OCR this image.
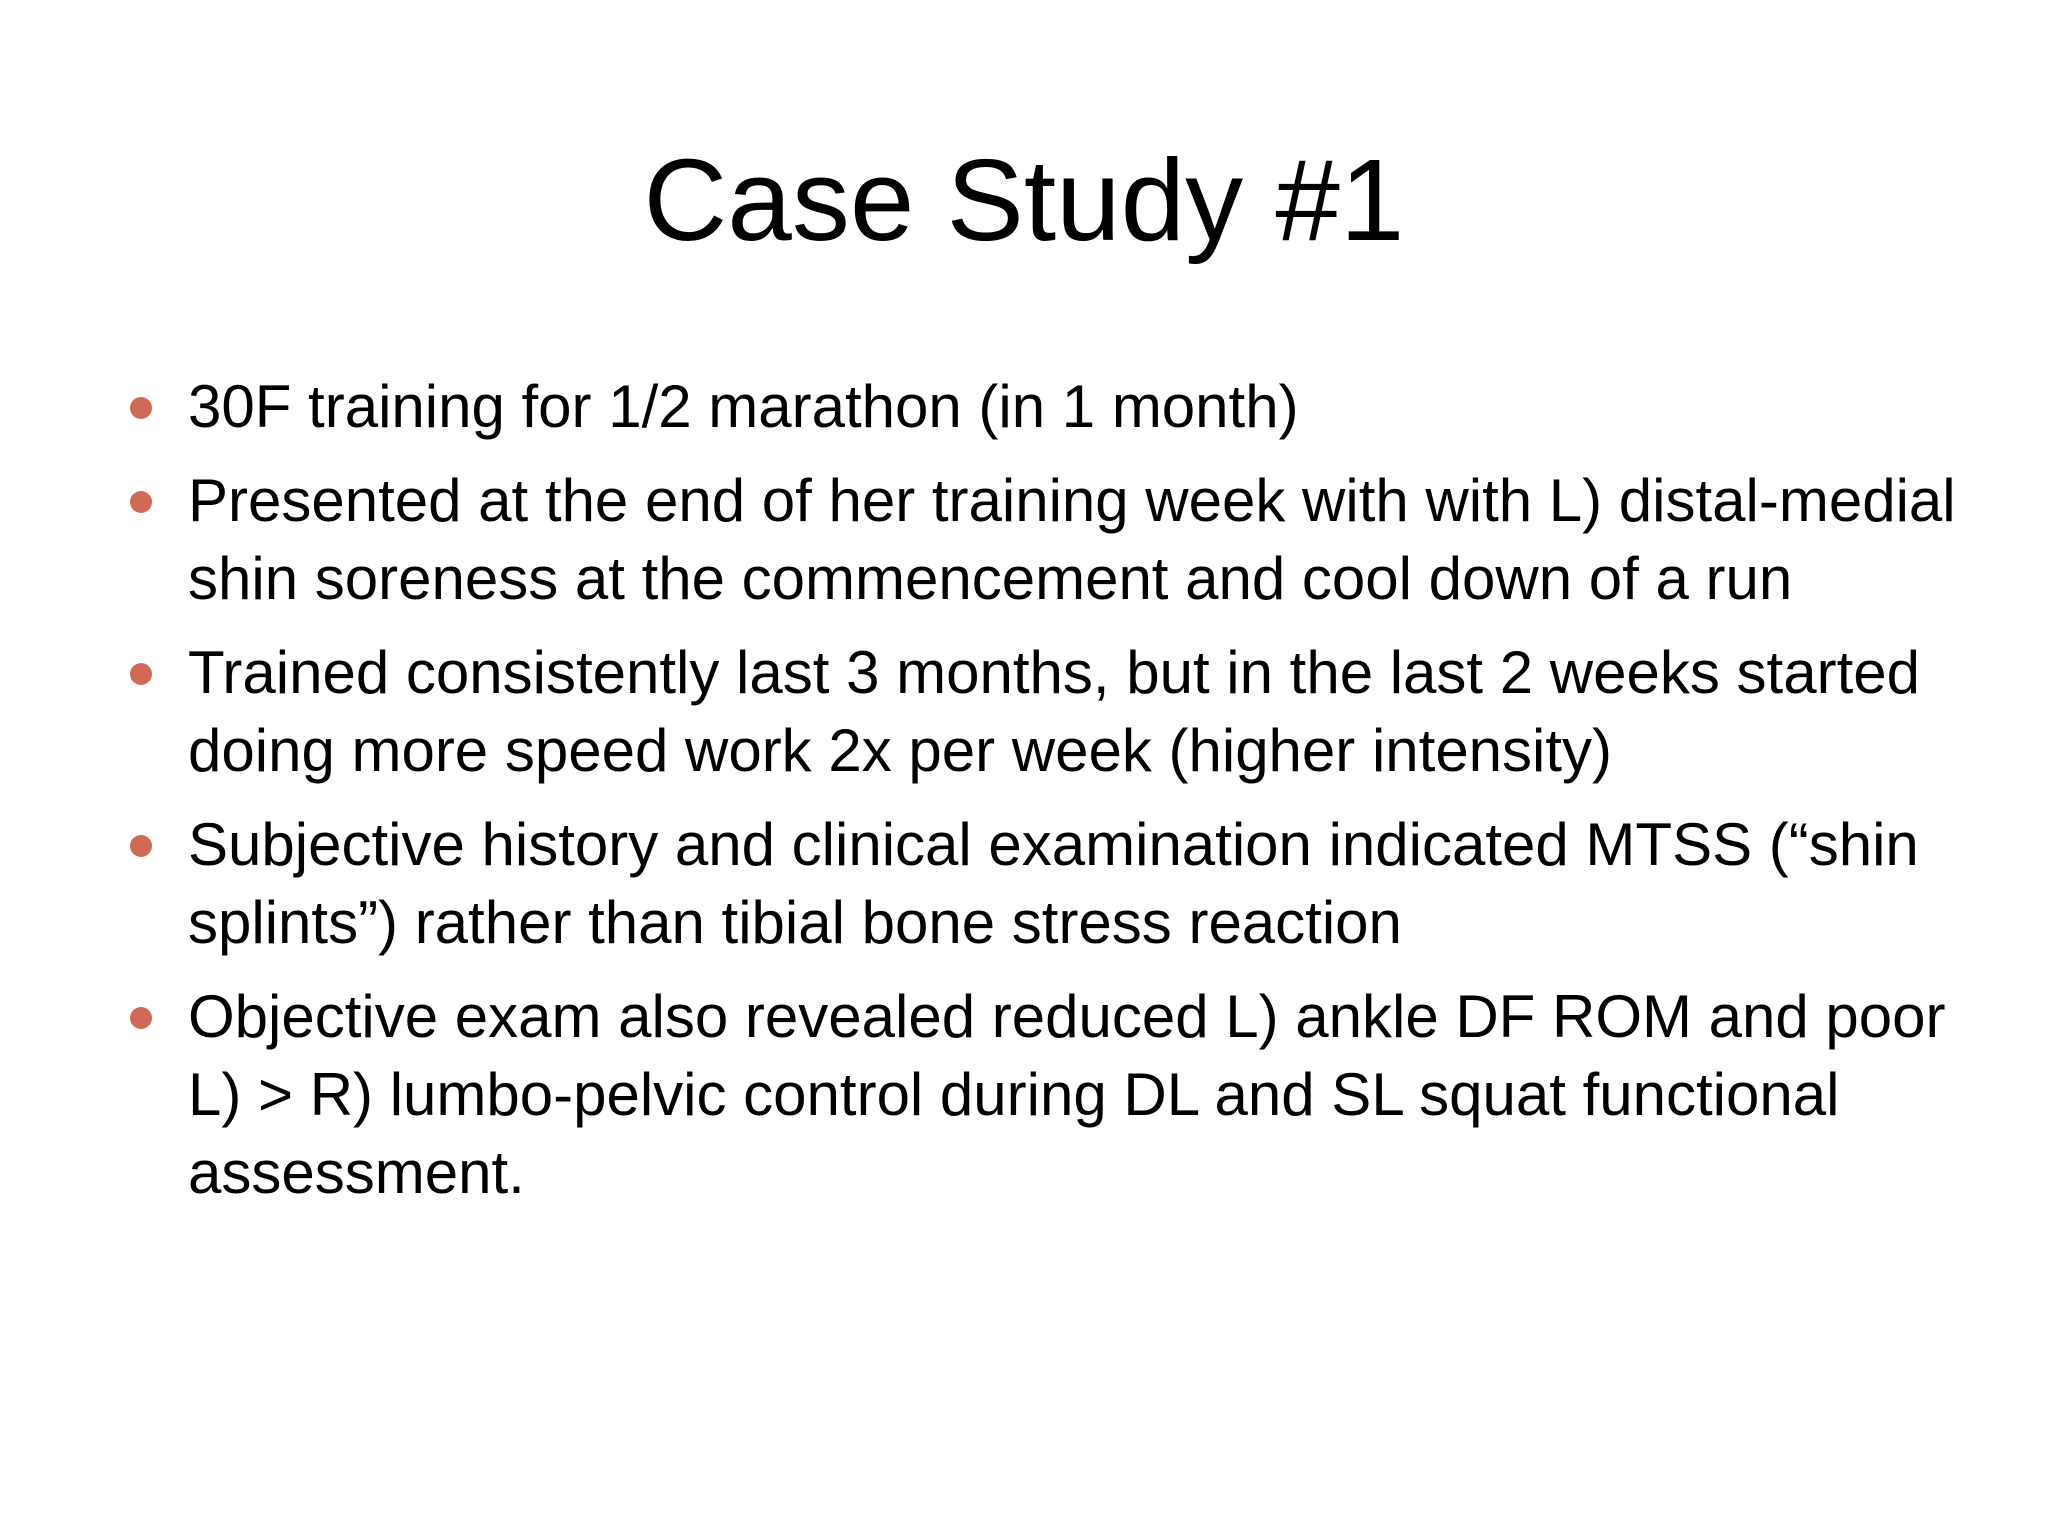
Case Study #1
30F training for 1/2 marathon (in 1 month)
Presented at the end of her training week with with L) distal-medial shin soreness at the commencement and cool down of a run
Trained consistently last 3 months, but in the last 2 weeks started doing more speed work 2x per week (higher intensity)
Subjective history and clinical examination indicated MTSS (“shin splints”) rather than tibial bone stress reaction
Objective exam also revealed reduced L) ankle DF ROM and poor L) > R) lumbo-pelvic control during DL and SL squat functional assessment.
